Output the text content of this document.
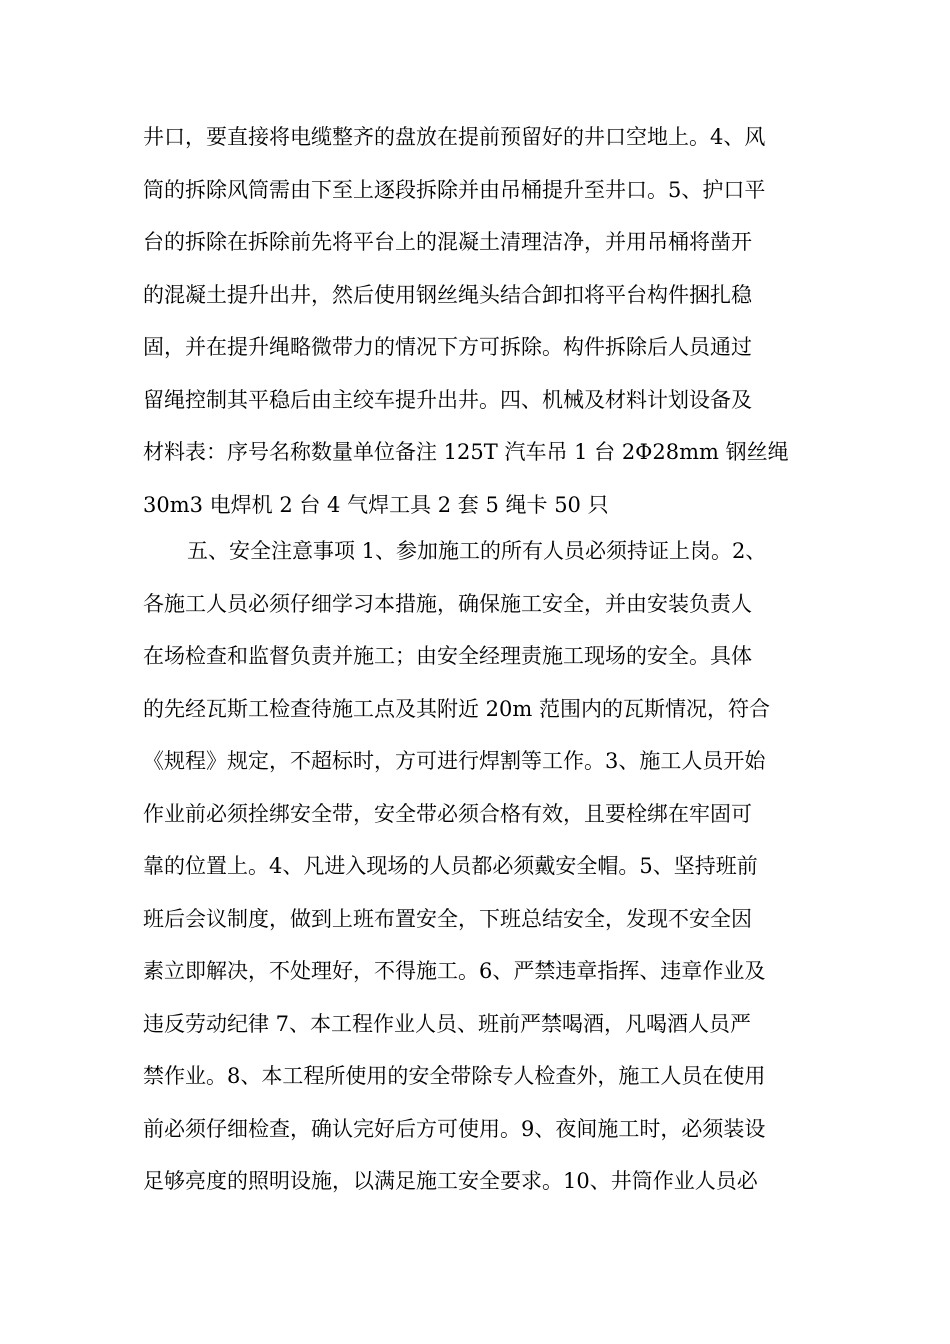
井口，要直接将电缆整齐的盘放在提前预留好的井口空地上。4、风
筒的拆除风筒需由下至上逐段拆除并由吊桶提升至井口。5、护口平
台的拆除在拆除前先将平台上的混凝土清理洁净，并用吊桶将凿开
的混凝土提升出井，然后使用钢丝绳头结合卸扣将平台构件捆扎稳
固，并在提升绳略微带力的情况下方可拆除。构件拆除后人员通过
留绳控制其平稳后由主绞车提升出井。四、机械及材料计划设备及
材料表：序号名称数量单位备注 125T 汽车吊 1 台 2Φ28mm 钢丝绳
30m3 电焊机 2 台 4 气焊工具 2 套 5 绳卡 50 只
五、安全注意事项 1、参加施工的所有人员必须持证上岗。2、
各施工人员必须仔细学习本措施，确保施工安全，并由安装负责人
在场检查和监督负责并施工；由安全经理责施工现场的安全。具体
的先经瓦斯工检查待施工点及其附近 20m 范围内的瓦斯情况，符合
《规程》规定，不超标时，方可进行焊割等工作。3、施工人员开始
作业前必须拴绑安全带，安全带必须合格有效，且要栓绑在牢固可
靠的位置上。4、凡进入现场的人员都必须戴安全帽。5、坚持班前
班后会议制度，做到上班布置安全，下班总结安全，发现不安全因
素立即解决，不处理好，不得施工。6、严禁违章指挥、违章作业及
违反劳动纪律 7、本工程作业人员、班前严禁喝酒，凡喝酒人员严
禁作业。8、本工程所使用的安全带除专人检查外，施工人员在使用
前必须仔细检查，确认完好后方可使用。9、夜间施工时，必须装设
足够亮度的照明设施，以满足施工安全要求。10、井筒作业人员必
